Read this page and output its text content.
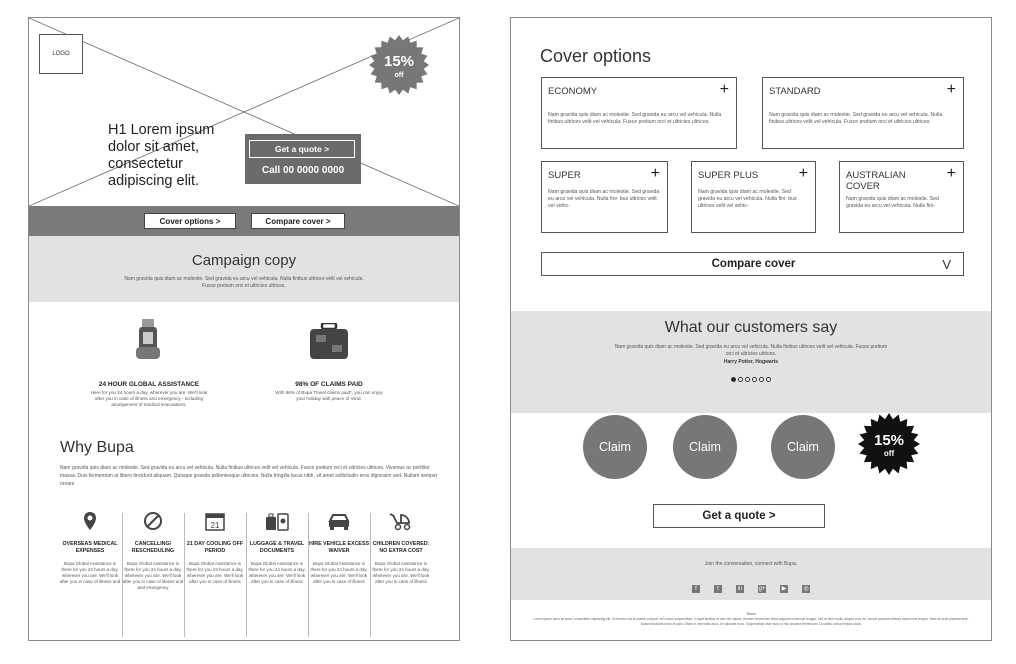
LOGO	15%
off
H1 Lorem ipsum dolor sit amet, consectetur adipiscing elit.
Get a quote >
Call 00 0000 0000
Cover options >	Compare cover >
Campaign copy
Nam gravida quis diam ac molestie. Sed gravida eu arcu vel vehicula. Nulla finibus ultrices velit vel vehicula. Fusce pretium orci et ultricies ultrices.
24 HOUR GLOBAL ASSISTANCE
Here for you 24 hours a day, wherever you are. We'll look after you in case of illness and emergency - including arrangement of medical evacuations.
98% OF CLAIMS PAID
With 98% of Bupa Travel claims paid*, you can enjoy your holiday with peace of mind.
Why Bupa
Nam gravida quis diam ac molestie. Sed gravida eu arcu vel vehicula. Nulla finibus ultrices velit vel vehicula. Fusce pretium orci et ultricies ultrices. Vivamus ac porttitor massa. Duis fermentum at libero tincidunt aliquam. Quisque gravida pellentesque ultricies. Nulla fringilla lacus nibh, sit amet sollicitudin eros dignissim sed. Nullam semper ornare
OVERSEAS MEDICAL EXPENSES
Bupa Global Assistance is there for you 24 hours a day, wherever you are. We'll look after you in case of illness and
CANCELLING/ RESCHEDULING
Bupa Global Assistance is there for you 24 hours a day, wherever you are. We'll look after you in case of illness and and emergency
21
21 DAY COOLING OFF PERIOD
Bupa Global Assistance is there for you 24 hours a day, wherever you are. We'll look after you in case of illness
LUGGAGE & TRAVEL DOCUMENTS
Bupa Global Assistance is there for you 24 hours a day, wherever you are. We'll look after you in case of illness
HIRE VEHICLE EXCESS WAIVER
Bupa Global Assistance is there for you 24 hours a day, wherever you are. We'll look after you in case of illness
CHILDREN COVERED: NO EXTRA COST
Bupa Global Assistance is there for you 24 hours a day, wherever you are. We'll look after you in case of illness
Cover options
ECONOMY	+
Nam gravida quis diam ac molestie. Sed gravida eu arcu vel vehicula. Nulla finibus ultrices velit vel vehicula. Fusce pretium orci et ultricies ultrices.
STANDARD	+
Nam gravida quis diam ac molestie. Sed gravida eu arcu vel vehicula. Nulla finibus ultrices velit vel vehicula. Fusce pretium orci et ultricies ultrices.
SUPER	+
Nam gravida quis diam ac molestie. Sed gravida eu arcu vel vehicula. Nulla fini- bus ultrices velit vel vehic-
SUPER PLUS	+
Nam gravida quis diam ac molestie. Sed gravida eu arcu vel vehicula. Nulla fini- bus ultrices velit vel vehic-
AUSTRALIAN COVER
+
Nam gravida quis diam ac molestie. Sed gravida eu arcu vel vehicula. Nulla fini-
Compare cover	V
What our customers say
Nam gravida quis diam ac molestie. Sed gravida eu arcu vel vehicula. Nulla finibus ultrices velit vel vehicula. Fusce pretium orci et ultricies ultrices.
Harry Potter, Hogwarts
Claim	Claim	Claim	15%
off
Get a quote >
Join the conversation, connect with Bupa.
f	t	in	g+	▶	◎
Terms
Lorem ipsum dolor sit amet, consectetur adipiscing elit. In rhoncus est id massa volutpat, vel cursus suspendisse. In eget facilisis mi sed nisl mauris. Aenean fermentum tellus aliquam commodo feugiat. Sed at nibh mollis, aliquet eros vel, cursus posuere ultricies dictum nisl tempor. Nam sit amet placerat ante. Nullam tincidunt tortor at justo. Etiam in venenatis risus, id vulputate nunc. Suspendisse vitae nunc ut nisl posuere fermentum. Curabitur luctus tempus nulla.
